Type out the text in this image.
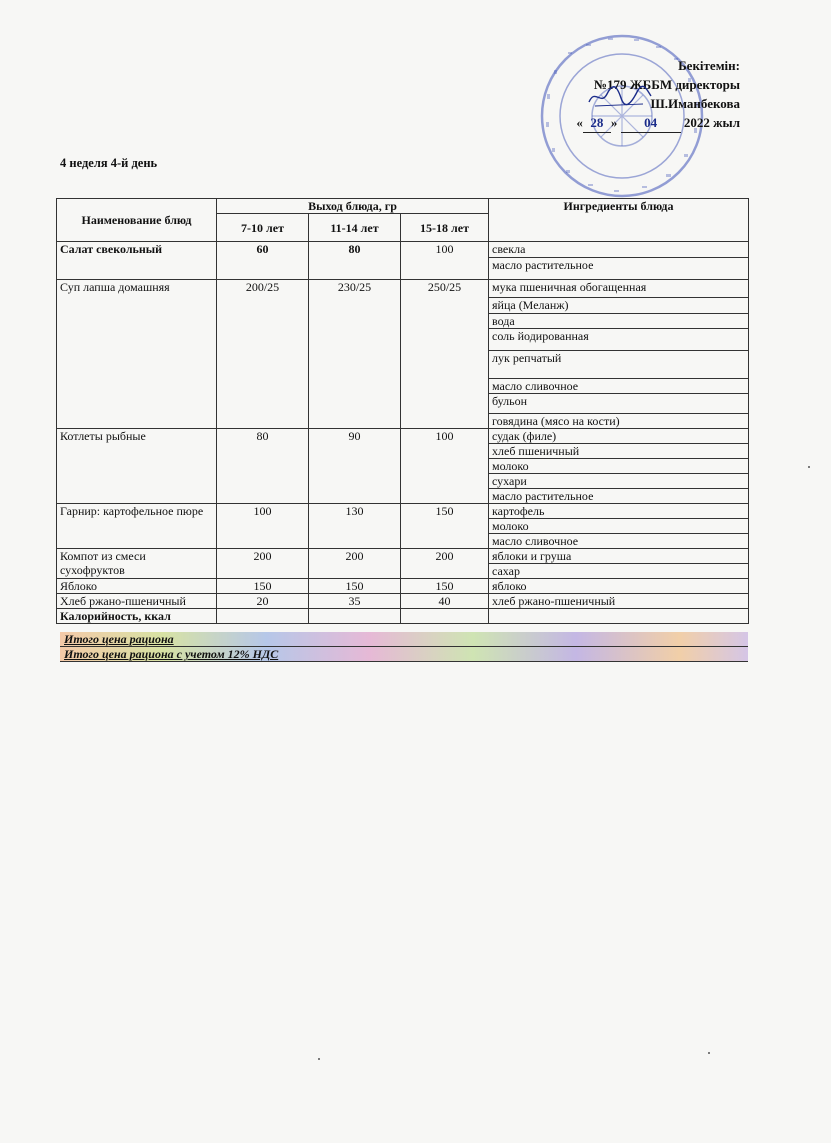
Бекітемін:
№179 ЖББМ директоры
Ш.Иманбекова
« 28 » 04 2022 жыл
4 неделя 4-й день
Наименование блюд	Выход блюда, гр			Ингредиенты блюда
	7-10 лет	11-14 лет	15-18 лет	
Салат свекольный	60	80	100	свекла
				масло растительное
Суп лапша домашняя	200/25	230/25	250/25	мука пшеничная обогащенная
				яйца (Меланж)
				вода
				соль йодированная
				лук репчатый
				масло сливочное
				бульон
				говядина (мясо на кости)
Котлеты рыбные	80	90	100	судак (филе)
				хлеб пшеничный
				молоко
				сухари
				масло растительное
Гарнир: картофельное пюре	100	130	150	картофель
				молоко
				масло сливочное
Компот из смеси сухофруктов	200	200	200	яблоки и груша
				сахар
Яблоко	150	150	150	яблоко
Хлеб ржано-пшеничный	20	35	40	хлеб ржано-пшеничный
Калорийность, ккал				
Итого цена рациона
Итого цена рациона с учетом 12% НДС
